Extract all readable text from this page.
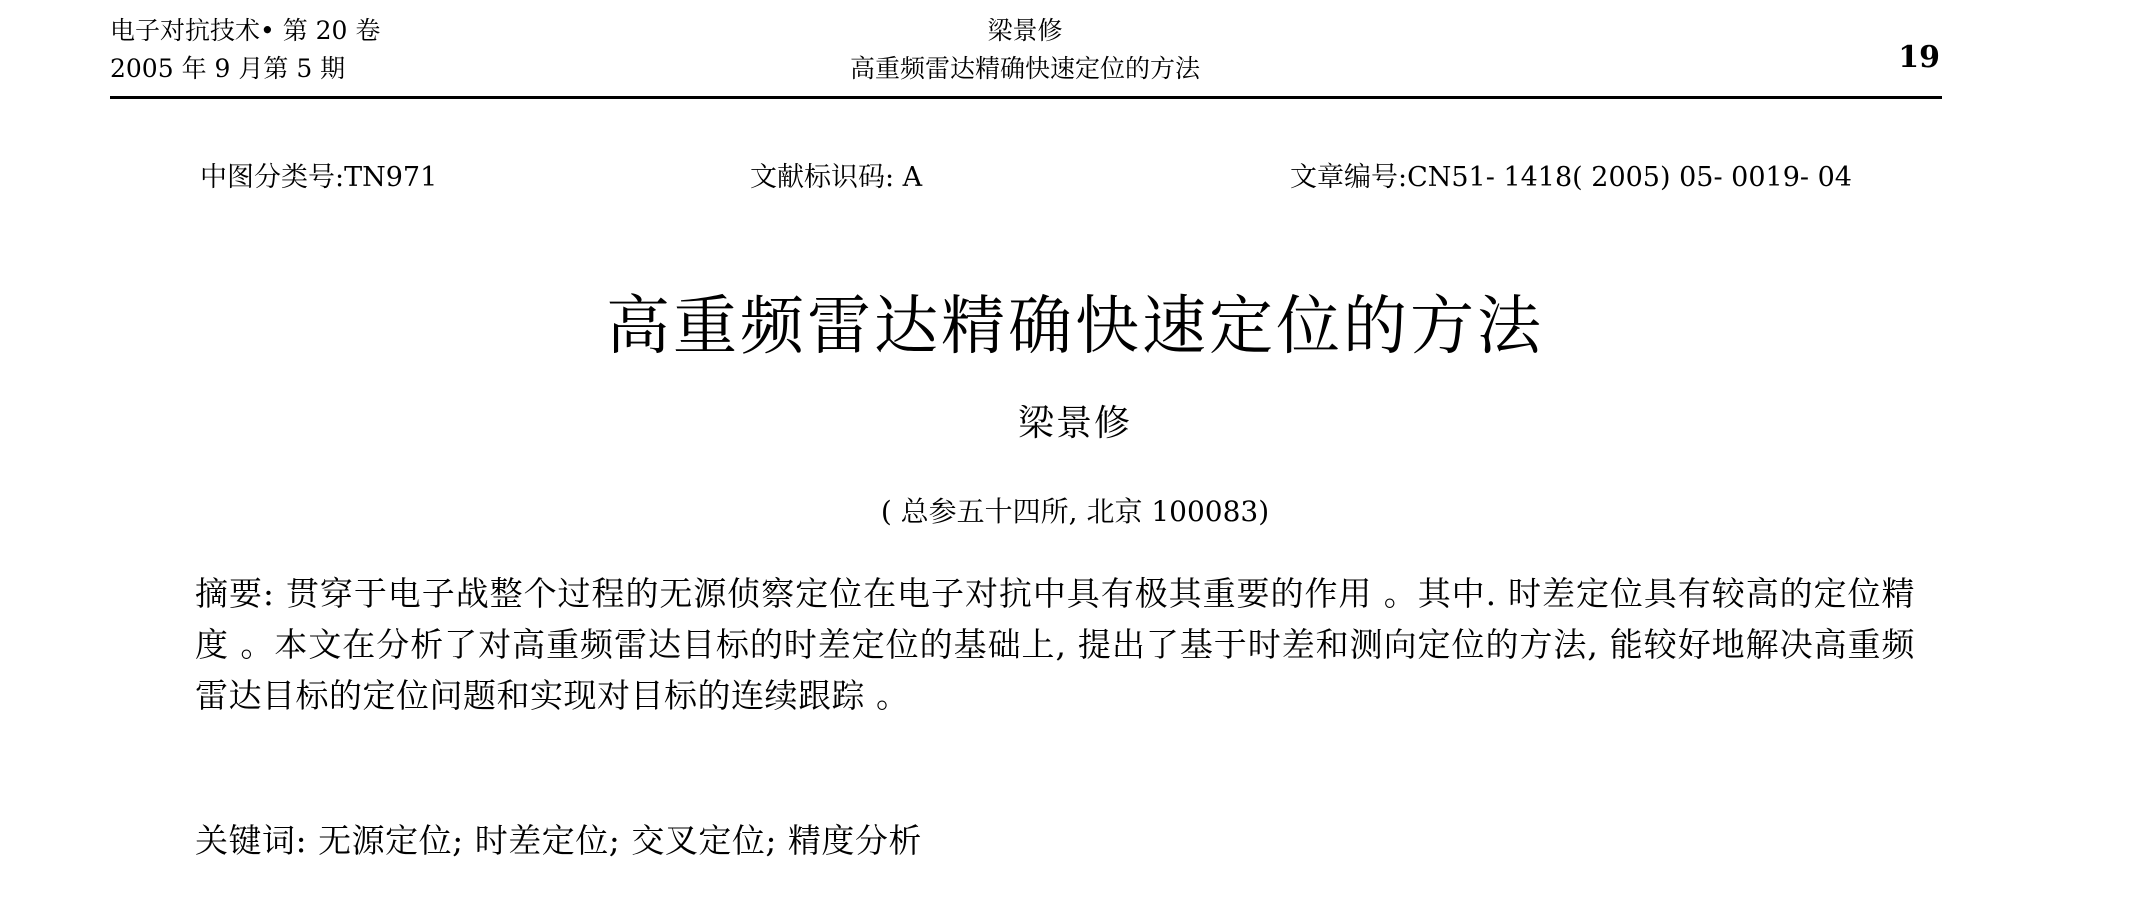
电子对抗技术• 第 20 卷
2005 年 9 月第 5 期
梁景修
高重频雷达精确快速定位的方法	19
中图分类号:TN971	文献标识码: A	文章编号:CN51- 1418( 2005) 05- 0019- 04
高重频雷达精确快速定位的方法
梁景修
( 总参五十四所, 北京 100083)
摘要: 贯穿于电子战整个过程的无源侦察定位在电子对抗中具有极其重要的作用 。其中. 时差定位具有较高的定位精度 。本文在分析了对高重频雷达目标的时差定位的基础上, 提出了基于时差和测向定位的方法, 能较好地解决高重频雷达目标的定位问题和实现对目标的连续跟踪 。
关键词: 无源定位; 时差定位; 交叉定位; 精度分析
